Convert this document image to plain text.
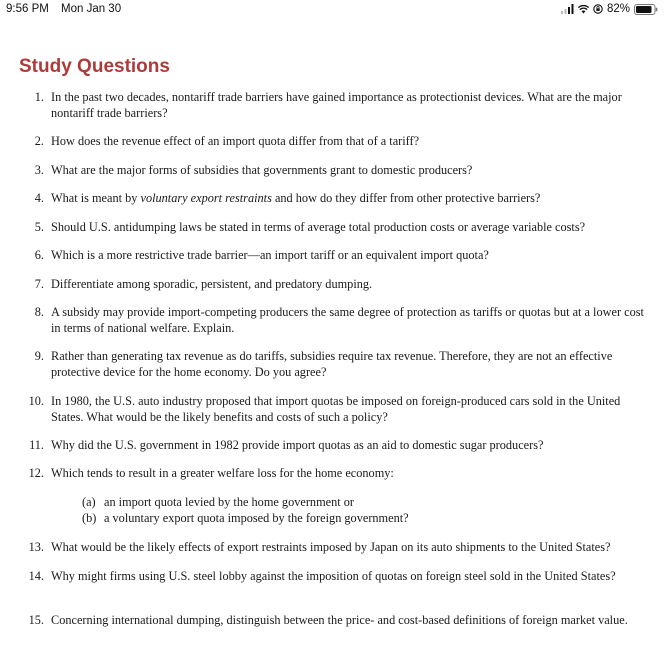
9:56 PM Mon Jan 30	82%
Study Questions
1. In the past two decades, nontariff trade barriers have gained importance as protectionist devices. What are the major nontariff trade barriers?
2. How does the revenue effect of an import quota differ from that of a tariff?
3. What are the major forms of subsidies that governments grant to domestic producers?
4. What is meant by voluntary export restraints and how do they differ from other protective barriers?
5. Should U.S. antidumping laws be stated in terms of average total production costs or average variable costs?
6. Which is a more restrictive trade barrier—an import tariff or an equivalent import quota?
7. Differentiate among sporadic, persistent, and predatory dumping.
8. A subsidy may provide import-competing producers the same degree of protection as tariffs or quotas but at a lower cost in terms of national welfare. Explain.
9. Rather than generating tax revenue as do tariffs, subsidies require tax revenue. Therefore, they are not an effective protective device for the home economy. Do you agree?
10. In 1980, the U.S. auto industry proposed that import quotas be imposed on foreign-produced cars sold in the United States. What would be the likely benefits and costs of such a policy?
11. Why did the U.S. government in 1982 provide import quotas as an aid to domestic sugar producers?
12. Which tends to result in a greater welfare loss for the home economy:
(a) an import quota levied by the home government or
(b) a voluntary export quota imposed by the foreign government?
13. What would be the likely effects of export restraints imposed by Japan on its auto shipments to the United States?
14. Why might firms using U.S. steel lobby against the imposition of quotas on foreign steel sold in the United States?
15. Concerning international dumping, distinguish between the price- and cost-based definitions of foreign market value.
